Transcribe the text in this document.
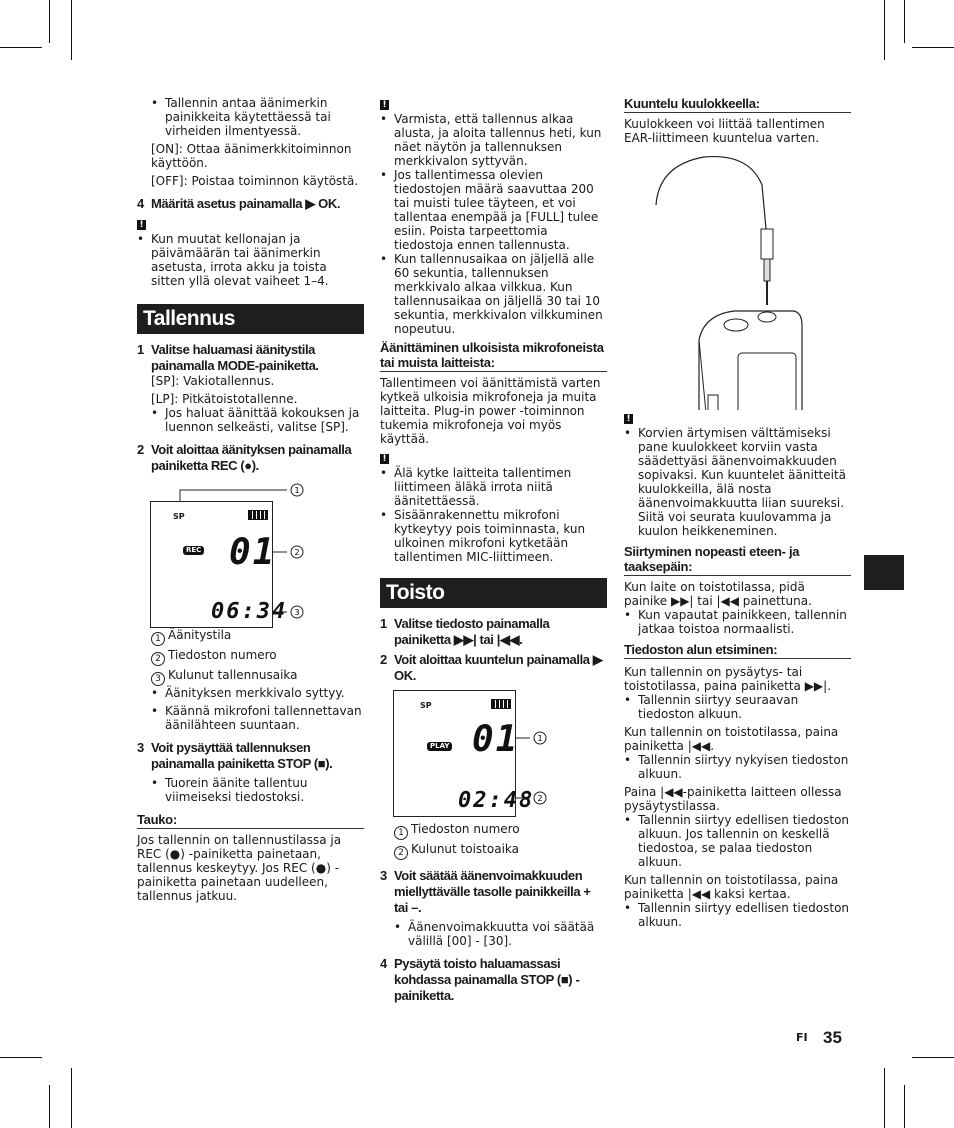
• Tallennin antaa äänimerkin painikkeita käytettäessä tai virheiden ilmentyessä.

[ON]: Ottaa äänimerkkitoiminnon käyttöön.

[OFF]: Poistaa toiminnon käytöstä.

4 Määritä asetus painamalla ▶ OK.

!

• Kun muutat kellonajan ja päivämäärän tai äänimerkin asetusta, irrota akku ja toista sitten yllä olevat vaiheet 1–4.

Tallennus

1 Valitse haluamasi äänitystila painamalla MODE-painiketta.

[SP]: Vakiotallennus.

[LP]: Pitkätoistotallenne.

• Jos haluat äänittää kokouksen ja luennon selkeästi, valitse [SP].

2 Voit aloittaa äänityksen painamalla painiketta REC (●).

1
2
3
SP
REC 01
06:34

1 Äänitystila

2 Tiedoston numero

3 Kulunut tallennusaika

• Äänityksen merkkivalo syttyy.

• Käännä mikrofoni tallennettavan äänilähteen suuntaan.

3 Voit pysäyttää tallennuksen painamalla painiketta STOP (■).

• Tuorein äänite tallentuu viimeiseksi tiedostoksi.

Tauko:

Jos tallennin on tallennustilassa ja REC (●) -painiketta painetaan, tallennus keskeytyy. Jos REC (●) -painiketta painetaan uudelleen, tallennus jatkuu.

!

• Varmista, että tallennus alkaa alusta, ja aloita tallennus heti, kun näet näytön ja tallennuksen merkkivalon syttyvän.

• Jos tallentimessa olevien tiedostojen määrä saavuttaa 200 tai muisti tulee täyteen, et voi tallentaa enempää ja [FULL] tulee esiin. Poista tarpeettomia tiedostoja ennen tallennusta.

• Kun tallennusaikaa on jäljellä alle 60 sekuntia, tallennuksen merkkivalo alkaa vilkkua. Kun tallennusaikaa on jäljellä 30 tai 10 sekuntia, merkkivalon vilkkuminen nopeutuu.

Äänittäminen ulkoisista mikrofoneista tai muista laitteista:

Tallentimeen voi äänittämistä varten kytkeä ulkoisia mikrofoneja ja muita laitteita. Plug-in power -toiminnon tukemia mikrofoneja voi myös käyttää.

!

• Älä kytke laitteita tallentimen liittimeen äläkä irrota niitä äänitettäessä.

• Sisäänrakennettu mikrofoni kytkeytyy pois toiminnasta, kun ulkoinen mikrofoni kytketään tallentimen MIC-liittimeen.

Toisto

1 Valitse tiedosto painamalla painiketta ▶▶| tai |◀◀.

2 Voit aloittaa kuuntelun painamalla ▶ OK.

1
2
SP
PLAY 01
02:48

1 Tiedoston numero

2 Kulunut toistoaika

3 Voit säätää äänenvoimakkuuden miellyttävälle tasolle painikkeilla + tai –.

• Äänenvoimakkuutta voi säätää välillä [00] - [30].

4 Pysäytä toisto haluamassasi kohdassa painamalla STOP (■) -painiketta.

Kuuntelu kuulokkeella:

Kuulokkeen voi liittää tallentimen EAR-liittimeen kuuntelua varten.

!

• Korvien ärtymisen välttämiseksi pane kuulokkeet korviin vasta säädettyäsi äänenvoimakkuuden sopivaksi. Kun kuuntelet äänitteitä kuulokkeilla, älä nosta äänenvoimakkuutta liian suureksi. Siitä voi seurata kuulovamma ja kuulon heikkeneminen.

Siirtyminen nopeasti eteen- ja taaksepäin:

Kun laite on toistotilassa, pidä painike ▶▶| tai |◀◀ painettuna.

• Kun vapautat painikkeen, tallennin jatkaa toistoa normaalisti.

Tiedoston alun etsiminen:

Kun tallennin on pysäytys- tai toistotilassa, paina painiketta ▶▶|.

• Tallennin siirtyy seuraavan tiedoston alkuun.

Kun tallennin on toistotilassa, paina painiketta |◀◀.

• Tallennin siirtyy nykyisen tiedoston alkuun.

Paina |◀◀-painiketta laitteen ollessa pysäytystilassa.

• Tallennin siirtyy edellisen tiedoston alkuun. Jos tallennin on keskellä tiedostoa, se palaa tiedoston alkuun.

Kun tallennin on toistotilassa, paina painiketta |◀◀ kaksi kertaa.

• Tallennin siirtyy edellisen tiedoston alkuun.

FI 35
